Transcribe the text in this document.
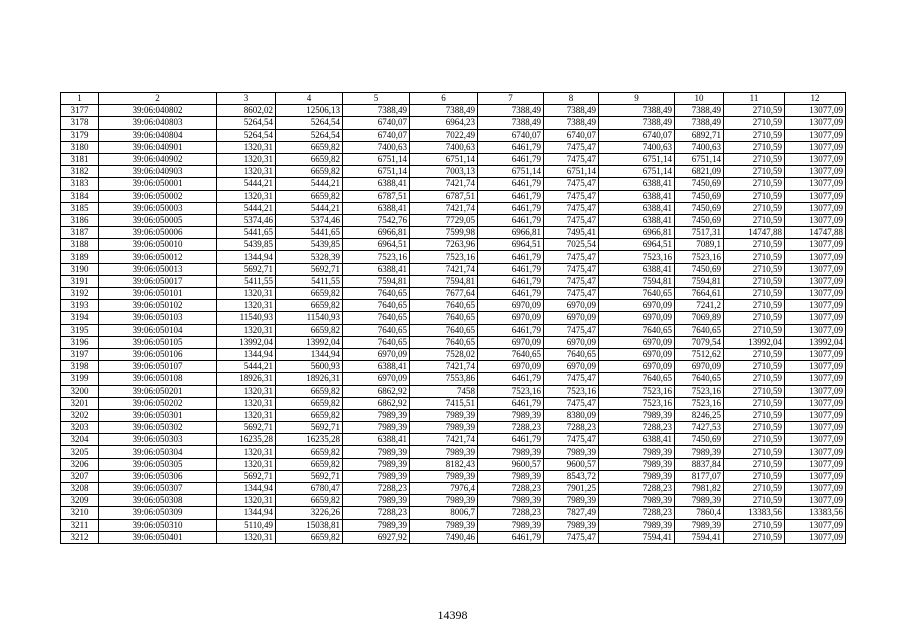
1	2	3	4	5	6	7	8	9	10	11	12
3177	39:06:040802	8602,02	12506,13	7388,49	7388,49	7388,49	7388,49	7388,49	7388,49	2710,59	13077,09
3178	39:06:040803	5264,54	5264,54	6740,07	6964,23	7388,49	7388,49	7388,49	7388,49	2710,59	13077,09
3179	39:06:040804	5264,54	5264,54	6740,07	7022,49	6740,07	6740,07	6740,07	6892,71	2710,59	13077,09
3180	39:06:040901	1320,31	6659,82	7400,63	7400,63	6461,79	7475,47	7400,63	7400,63	2710,59	13077,09
3181	39:06:040902	1320,31	6659,82	6751,14	6751,14	6461,79	7475,47	6751,14	6751,14	2710,59	13077,09
3182	39:06:040903	1320,31	6659,82	6751,14	7003,13	6751,14	6751,14	6751,14	6821,09	2710,59	13077,09
3183	39:06:050001	5444,21	5444,21	6388,41	7421,74	6461,79	7475,47	6388,41	7450,69	2710,59	13077,09
3184	39:06:050002	1320,31	6659,82	6787,51	6787,51	6461,79	7475,47	6388,41	7450,69	2710,59	13077,09
3185	39:06:050003	5444,21	5444,21	6388,41	7421,74	6461,79	7475,47	6388,41	7450,69	2710,59	13077,09
3186	39:06:050005	5374,46	5374,46	7542,76	7729,05	6461,79	7475,47	6388,41	7450,69	2710,59	13077,09
3187	39:06:050006	5441,65	5441,65	6966,81	7599,98	6966,81	7495,41	6966,81	7517,31	14747,88	14747,88
3188	39:06:050010	5439,85	5439,85	6964,51	7263,96	6964,51	7025,54	6964,51	7089,1	2710,59	13077,09
3189	39:06:050012	1344,94	5328,39	7523,16	7523,16	6461,79	7475,47	7523,16	7523,16	2710,59	13077,09
3190	39:06:050013	5692,71	5692,71	6388,41	7421,74	6461,79	7475,47	6388,41	7450,69	2710,59	13077,09
3191	39:06:050017	5411,55	5411,55	7594,81	7594,81	6461,79	7475,47	7594,81	7594,81	2710,59	13077,09
3192	39:06:050101	1320,31	6659,82	7640,65	7677,64	6461,79	7475,47	7640,65	7664,61	2710,59	13077,09
3193	39:06:050102	1320,31	6659,82	7640,65	7640,65	6970,09	6970,09	6970,09	7241,2	2710,59	13077,09
3194	39:06:050103	11540,93	11540,93	7640,65	7640,65	6970,09	6970,09	6970,09	7069,89	2710,59	13077,09
3195	39:06:050104	1320,31	6659,82	7640,65	7640,65	6461,79	7475,47	7640,65	7640,65	2710,59	13077,09
3196	39:06:050105	13992,04	13992,04	7640,65	7640,65	6970,09	6970,09	6970,09	7079,54	13992,04	13992,04
3197	39:06:050106	1344,94	1344,94	6970,09	7528,02	7640,65	7640,65	6970,09	7512,62	2710,59	13077,09
3198	39:06:050107	5444,21	5600,93	6388,41	7421,74	6970,09	6970,09	6970,09	6970,09	2710,59	13077,09
3199	39:06:050108	18926,31	18926,31	6970,09	7553,86	6461,79	7475,47	7640,65	7640,65	2710,59	13077,09
3200	39:06:050201	1320,31	6659,82	6862,92	7458	7523,16	7523,16	7523,16	7523,16	2710,59	13077,09
3201	39:06:050202	1320,31	6659,82	6862,92	7415,51	6461,79	7475,47	7523,16	7523,16	2710,59	13077,09
3202	39:06:050301	1320,31	6659,82	7989,39	7989,39	7989,39	8380,09	7989,39	8246,25	2710,59	13077,09
3203	39:06:050302	5692,71	5692,71	7989,39	7989,39	7288,23	7288,23	7288,23	7427,53	2710,59	13077,09
3204	39:06:050303	16235,28	16235,28	6388,41	7421,74	6461,79	7475,47	6388,41	7450,69	2710,59	13077,09
3205	39:06:050304	1320,31	6659,82	7989,39	7989,39	7989,39	7989,39	7989,39	7989,39	2710,59	13077,09
3206	39:06:050305	1320,31	6659,82	7989,39	8182,43	9600,57	9600,57	7989,39	8837,84	2710,59	13077,09
3207	39:06:050306	5692,71	5692,71	7989,39	7989,39	7989,39	8543,72	7989,39	8177,07	2710,59	13077,09
3208	39:06:050307	1344,94	6780,47	7288,23	7976,4	7288,23	7901,25	7288,23	7981,82	2710,59	13077,09
3209	39:06:050308	1320,31	6659,82	7989,39	7989,39	7989,39	7989,39	7989,39	7989,39	2710,59	13077,09
3210	39:06:050309	1344,94	3226,26	7288,23	8006,7	7288,23	7827,49	7288,23	7860,4	13383,56	13383,56
3211	39:06:050310	5110,49	15038,81	7989,39	7989,39	7989,39	7989,39	7989,39	7989,39	2710,59	13077,09
3212	39:06:050401	1320,31	6659,82	6927,92	7490,46	6461,79	7475,47	7594,41	7594,41	2710,59	13077,09
14398
